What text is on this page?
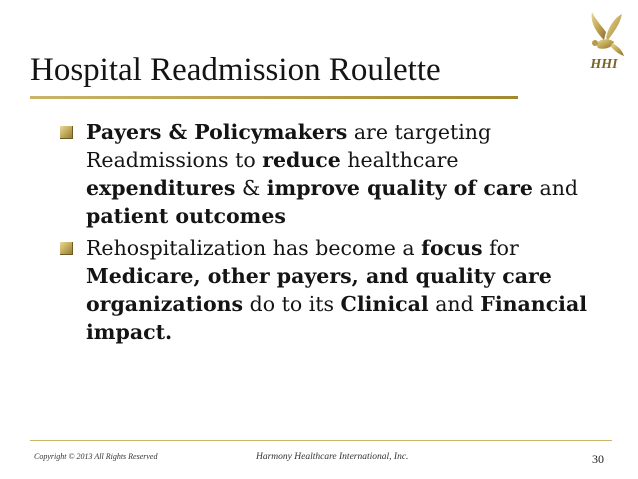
HHI
Hospital Readmission Roulette
Payers & Policymakers are targeting Readmissions to reduce healthcare expenditures & improve quality of care and patient outcomes
Rehospitalization has become a focus for Medicare, other payers, and quality care organizations do to its Clinical and Financial impact.
Copyright © 2013 All Rights Reserved	Harmony Healthcare International, Inc.	30
